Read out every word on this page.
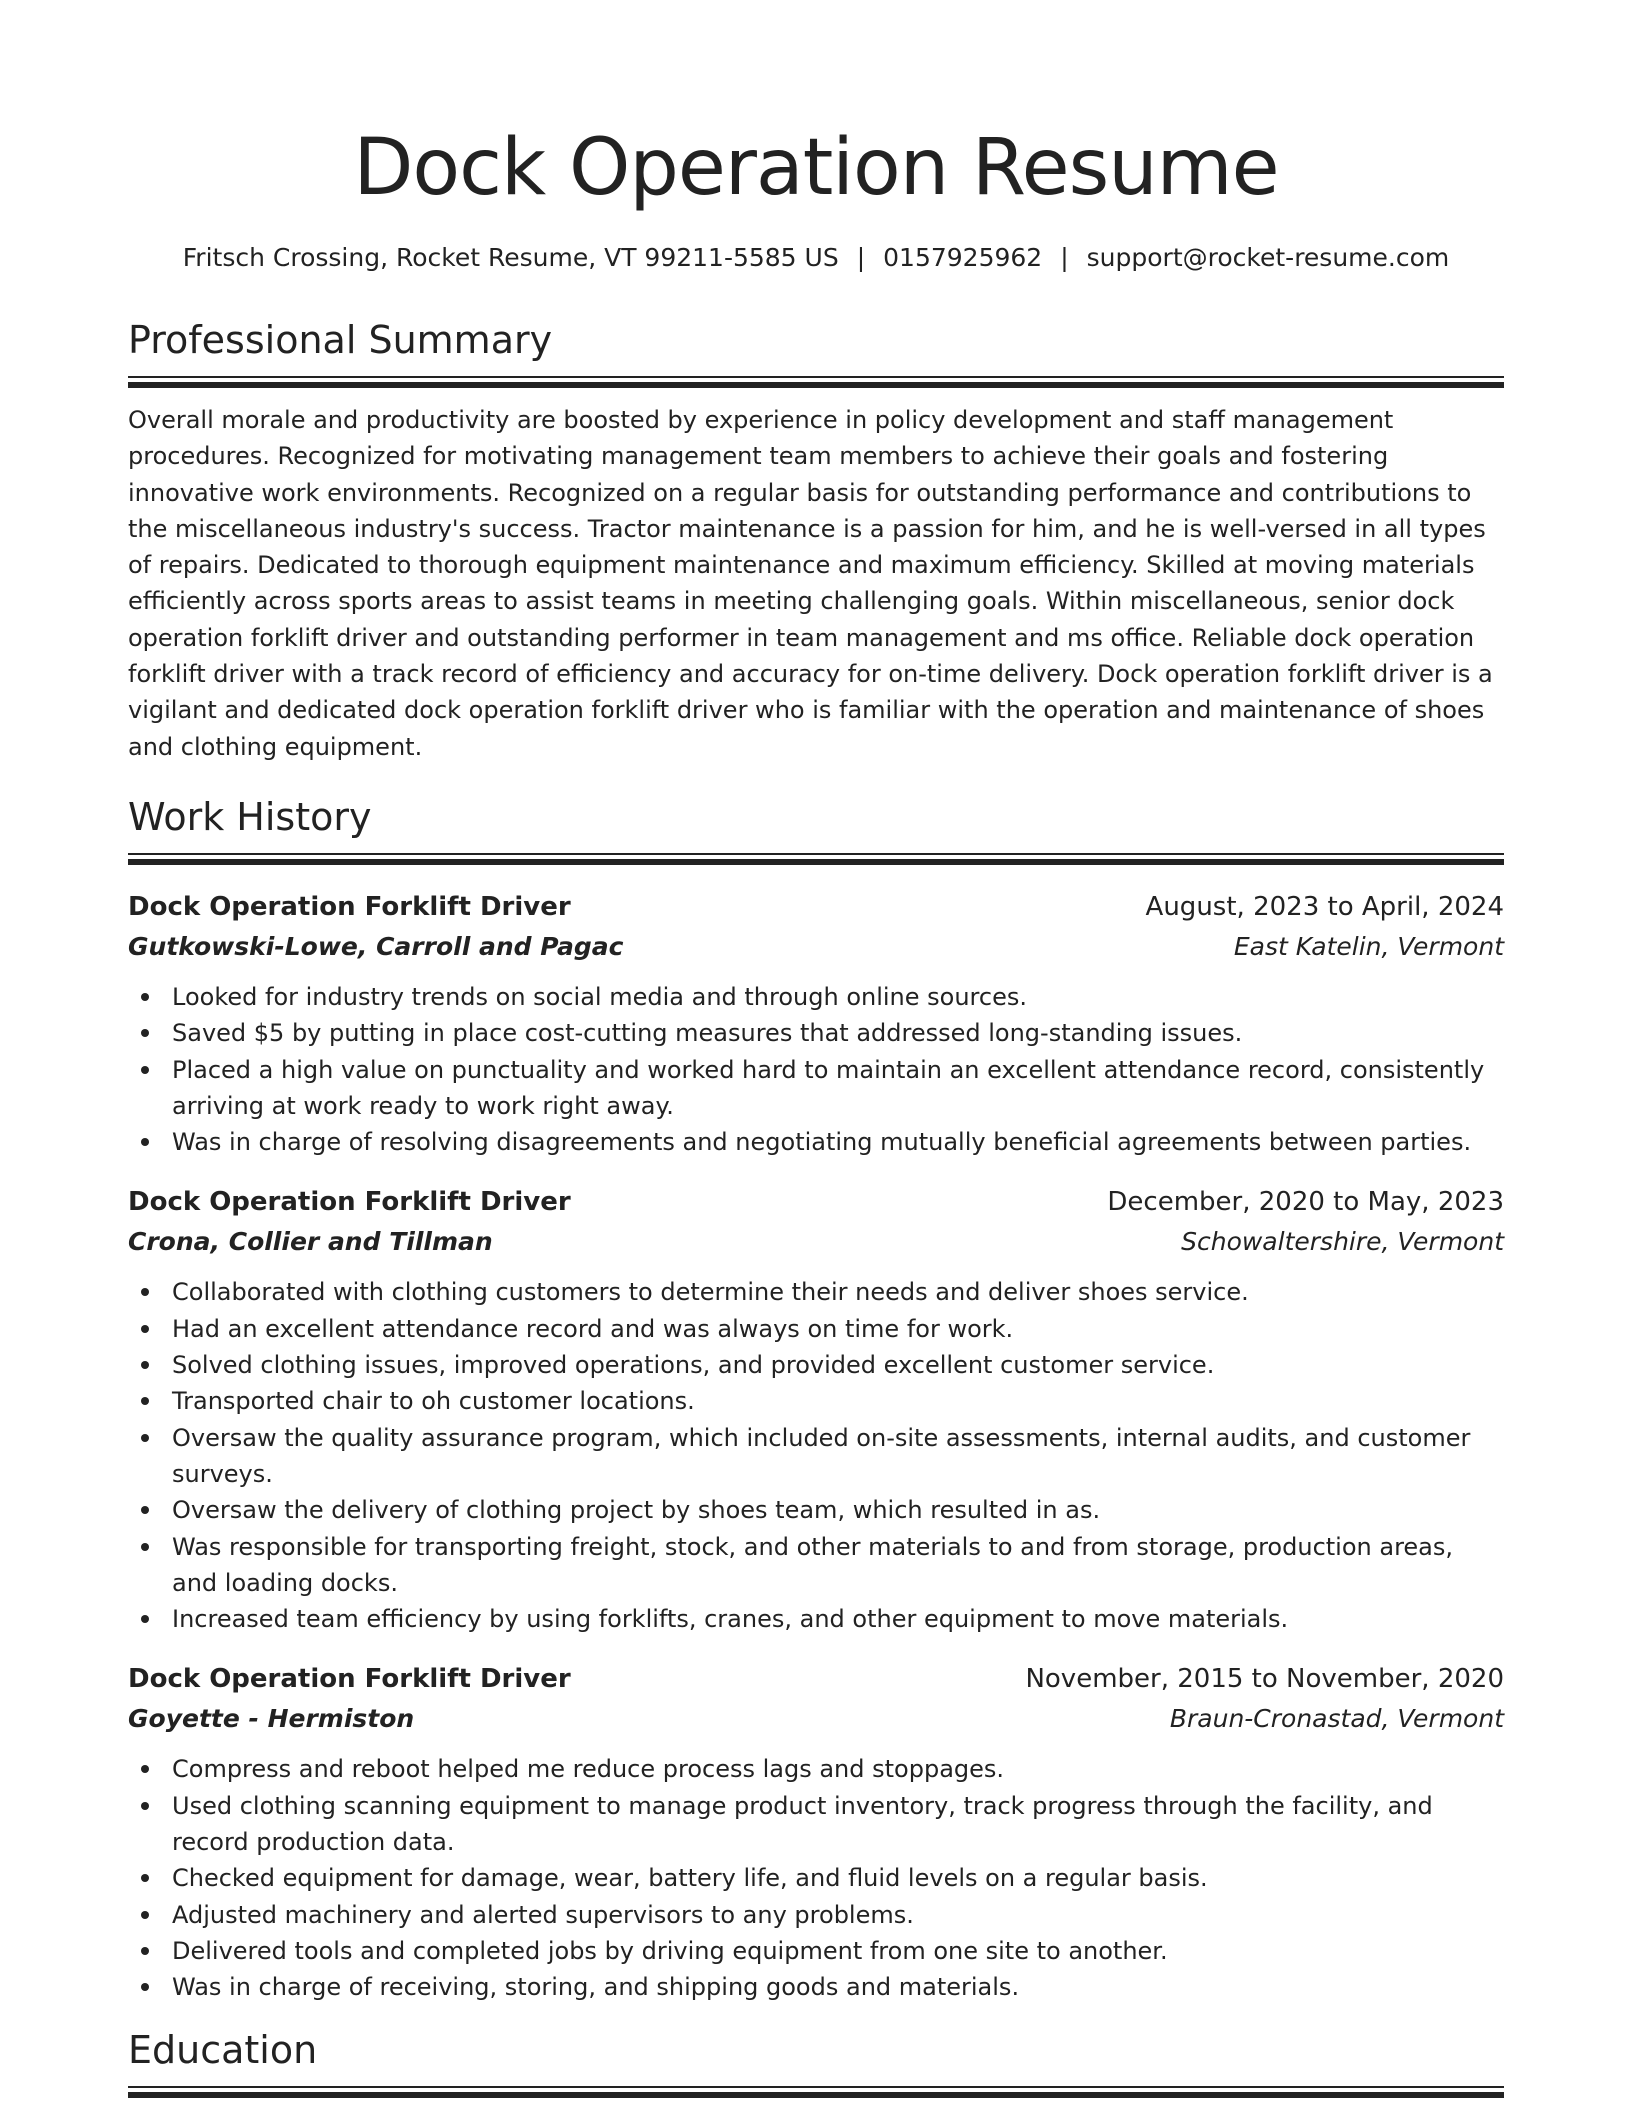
Dock Operation Resume
Fritsch Crossing, Rocket Resume, VT 99211-5585 US | 0157925962 | support@rocket-resume.com
Professional Summary

Overall morale and productivity are boosted by experience in policy development and staff management procedures. Recognized for motivating management team members to achieve their goals and fostering innovative work environments. Recognized on a regular basis for outstanding performance and contributions to the miscellaneous industry's success. Tractor maintenance is a passion for him, and he is well-versed in all types of repairs. Dedicated to thorough equipment maintenance and maximum efficiency. Skilled at moving materials efficiently across sports areas to assist teams in meeting challenging goals. Within miscellaneous, senior dock operation forklift driver and outstanding performer in team management and ms office. Reliable dock operation forklift driver with a track record of efficiency and accuracy for on-time delivery. Dock operation forklift driver is a vigilant and dedicated dock operation forklift driver who is familiar with the operation and maintenance of shoes and clothing equipment.

Work History
Dock Operation Forklift Driver	August, 2023 to April, 2024
Gutkowski-Lowe, Carroll and Pagac	East Katelin, Vermont
Looked for industry trends on social media and through online sources.
Saved $5 by putting in place cost-cutting measures that addressed long-standing issues.
Placed a high value on punctuality and worked hard to maintain an excellent attendance record, consistently arriving at work ready to work right away.
Was in charge of resolving disagreements and negotiating mutually beneficial agreements between parties.
Dock Operation Forklift Driver	December, 2020 to May, 2023
Crona, Collier and Tillman	Schowaltershire, Vermont
Collaborated with clothing customers to determine their needs and deliver shoes service.
Had an excellent attendance record and was always on time for work.
Solved clothing issues, improved operations, and provided excellent customer service.
Transported chair to oh customer locations.
Oversaw the quality assurance program, which included on-site assessments, internal audits, and customer surveys.
Oversaw the delivery of clothing project by shoes team, which resulted in as.
Was responsible for transporting freight, stock, and other materials to and from storage, production areas, and loading docks.
Increased team efficiency by using forklifts, cranes, and other equipment to move materials.
Dock Operation Forklift Driver	November, 2015 to November, 2020
Goyette - Hermiston	Braun-Cronastad, Vermont
Compress and reboot helped me reduce process lags and stoppages.
Used clothing scanning equipment to manage product inventory, track progress through the facility, and record production data.
Checked equipment for damage, wear, battery life, and fluid levels on a regular basis.
Adjusted machinery and alerted supervisors to any problems.
Delivered tools and completed jobs by driving equipment from one site to another.
Was in charge of receiving, storing, and shipping goods and materials.
Education
